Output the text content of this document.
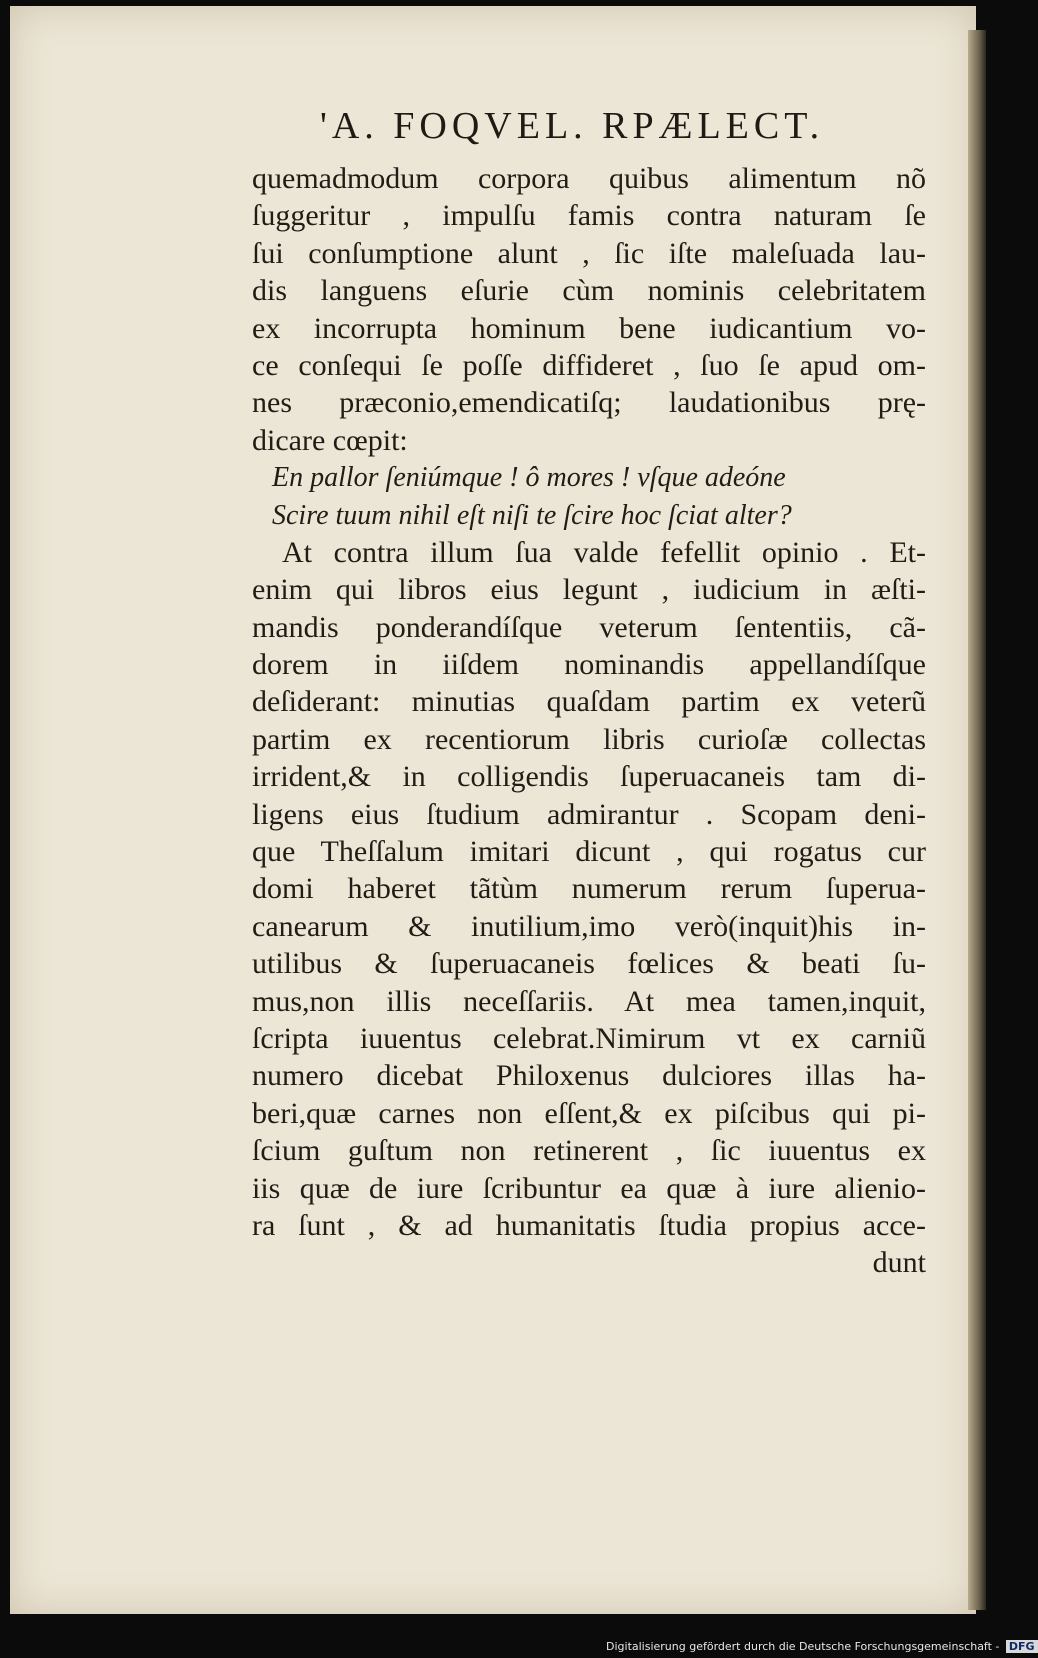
'A. FOQVEL. RPÆLECT.
quemadmodum corpora quibus alimentum nõ
ſuggeritur , impulſu famis contra naturam ſe
ſui conſumptione alunt , ſic iſte maleſuada lau-
dis languens eſurie cùm nominis celebritatem
ex incorrupta hominum bene iudicantium vo-
ce conſequi ſe poſſe diffideret , ſuo ſe apud om-
nes præconio,emendicatiſq; laudationibus prę-
dicare cœpit:
En pallor ſeniúmque ! ô mores ! vſque adeóne
Scire tuum nihil eſt niſi te ſcire hoc ſciat alter?
At contra illum ſua valde fefellit opinio . Et-
enim qui libros eius legunt , iudicium in æſti-
mandis ponderandíſque veterum ſententiis, cã-
dorem in iiſdem nominandis appellandíſque
deſiderant: minutias quaſdam partim ex veterũ
partim ex recentiorum libris curioſæ collectas
irrident,& in colligendis ſuperuacaneis tam di-
ligens eius ſtudium admirantur . Scopam deni-
que Theſſalum imitari dicunt , qui rogatus cur
domi haberet tãtùm numerum rerum ſuperua-
canearum & inutilium,imo verò(inquit)his in-
utilibus & ſuperuacaneis fœlices & beati ſu-
mus,non illis neceſſariis. At mea tamen,inquit,
ſcripta iuuentus celebrat.Nimirum vt ex carniũ
numero dicebat Philoxenus dulciores illas ha-
beri,quæ carnes non eſſent,& ex piſcibus qui pi-
ſcium guſtum non retinerent , ſic iuuentus ex
iis quæ de iure ſcribuntur ea quæ à iure alienio-
ra ſunt , & ad humanitatis ſtudia propius acce-
dunt
Digitalisierung gefördert durch die Deutsche Forschungsgemeinschaft - DFG
